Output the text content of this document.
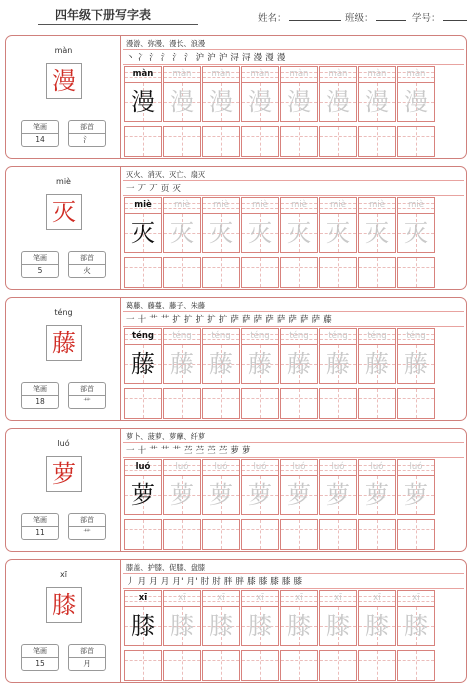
四年级下册写字表	姓名：	班级：	学号：
màn
漫
笔画
14
部首
氵
漫游、弥漫、漫长、浪漫
丶 冫 氵 氵 氵 氵 沪 沪 沪 浔 浔 漫 漫 漫
màn
漫
màn
漫
màn
漫
màn
漫
màn
漫
màn
漫
màn
漫
màn
漫
miè
灭
笔画
5
部首
火
灭火、消灭、灭亡、扇灭
一 丆 丆 页 灭
miè
灭
miè
灭
miè
灭
miè
灭
miè
灭
miè
灭
miè
灭
miè
灭
téng
藤
笔画
18
部首
艹
葛藤、藤蔓、藤子、朱藤
一 十 艹 艹 扩 扩 扩 扩 扩 萨 萨 萨 萨 萨 萨 萨 萨 藤
téng
藤
téng
藤
téng
藤
téng
藤
téng
藤
téng
藤
téng
藤
téng
藤
luó
萝
笔画
11
部首
艹
萝卜、菠萝、萝藦、纤萝
一 十 艹 艹 艹 苎 苎 苎 苎 萝 萝
luó
萝
luó
萝
luó
萝
luó
萝
luó
萝
luó
萝
luó
萝
luó
萝
xī
膝
笔画
15
部首
月
膝盖、护膝、促膝、盘膝
丿 月 月 月 月' 月' 肘 肘 胖 胖 膝 膝 膝 膝 膝
xī
膝
xī
膝
xī
膝
xī
膝
xī
膝
xī
膝
xī
膝
xī
膝
